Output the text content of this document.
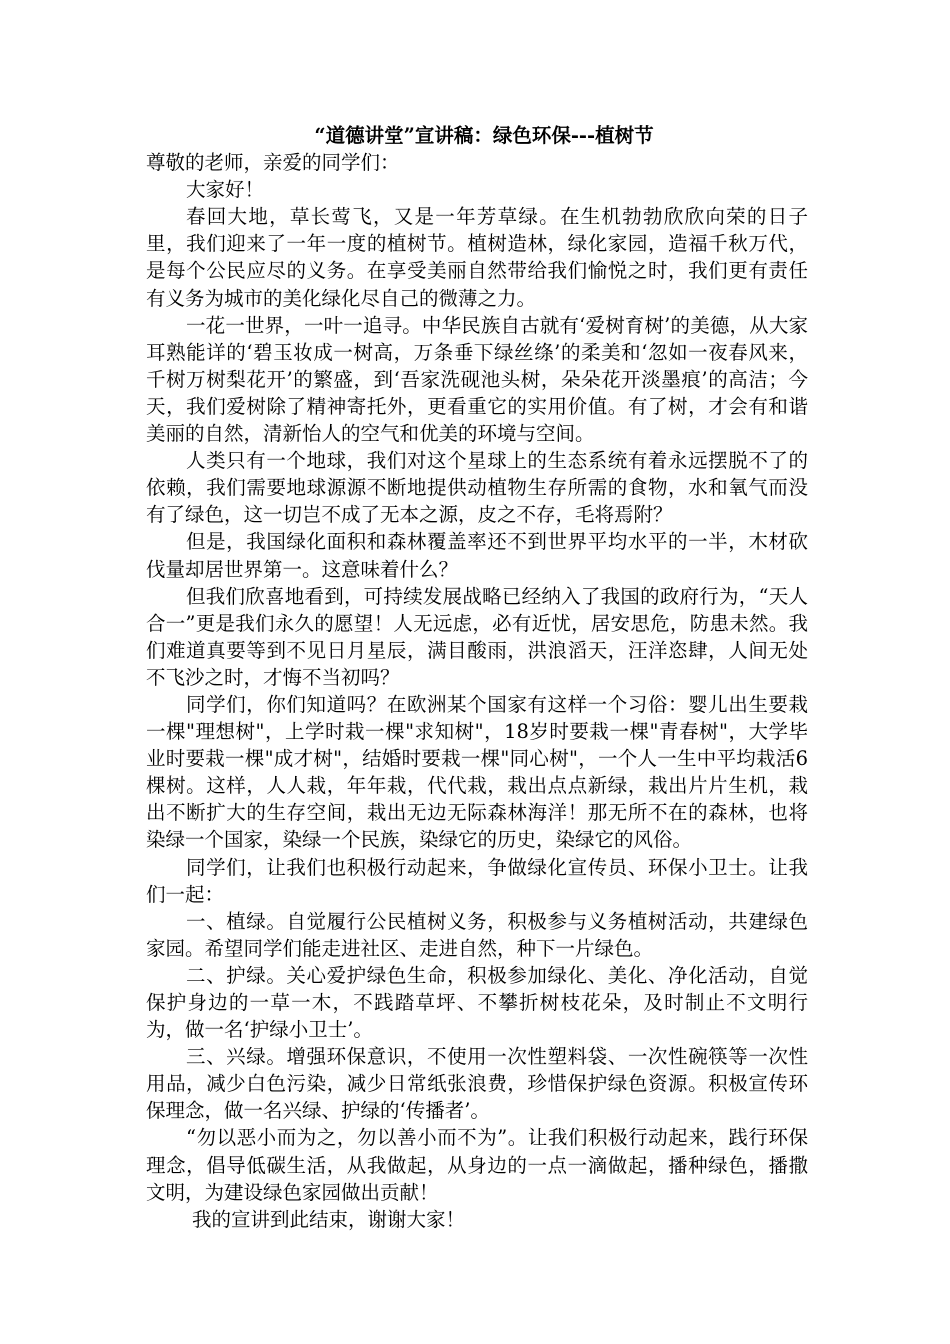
“道德讲堂”宣讲稿：绿色环保---植树节

尊敬的老师，亲爱的同学们：

大家好！

春回大地，草长莺飞，又是一年芳草绿。在生机勃勃欣欣向荣的日子里，我们迎来了一年一度的植树节。植树造林，绿化家园，造福千秋万代，是每个公民应尽的义务。在享受美丽自然带给我们愉悦之时，我们更有责任有义务为城市的美化绿化尽自己的微薄之力。

一花一世界，一叶一追寻。中华民族自古就有‘爱树育树’的美德，从大家耳熟能详的‘碧玉妆成一树高，万条垂下绿丝绦’的柔美和‘忽如一夜春风来，千树万树梨花开’的繁盛，到‘吾家洗砚池头树，朵朵花开淡墨痕’的高洁；今天，我们爱树除了精神寄托外，更看重它的实用价值。有了树，才会有和谐美丽的自然，清新怡人的空气和优美的环境与空间。

人类只有一个地球，我们对这个星球上的生态系统有着永远摆脱不了的依赖，我们需要地球源源不断地提供动植物生存所需的食物，水和氧气而没有了绿色，这一切岂不成了无本之源，皮之不存，毛将焉附？

但是，我国绿化面积和森林覆盖率还不到世界平均水平的一半，木材砍伐量却居世界第一。这意味着什么？

但我们欣喜地看到，可持续发展战略已经纳入了我国的政府行为，“天人合一”更是我们永久的愿望！人无远虑，必有近忧，居安思危，防患未然。我们难道真要等到不见日月星辰，满目酸雨，洪浪滔天，汪洋恣肆，人间无处不飞沙之时，才悔不当初吗？

同学们，你们知道吗？在欧洲某个国家有这样一个习俗：婴儿出生要栽一棵"理想树"，上学时栽一棵"求知树"，18岁时要栽一棵"青春树"，大学毕业时要栽一棵"成才树"，结婚时要栽一棵"同心树"，一个人一生中平均栽活6棵树。这样，人人栽，年年栽，代代栽，栽出点点新绿，栽出片片生机，栽出不断扩大的生存空间，栽出无边无际森林海洋！那无所不在的森林，也将染绿一个国家，染绿一个民族，染绿它的历史，染绿它的风俗。

同学们，让我们也积极行动起来，争做绿化宣传员、环保小卫士。让我们一起：

一、植绿。自觉履行公民植树义务，积极参与义务植树活动，共建绿色家园。希望同学们能走进社区、走进自然，种下一片绿色。

二、护绿。关心爱护绿色生命，积极参加绿化、美化、净化活动，自觉保护身边的一草一木，不践踏草坪、不攀折树枝花朵，及时制止不文明行为，做一名‘护绿小卫士’。

三、兴绿。增强环保意识，不使用一次性塑料袋、一次性碗筷等一次性用品，减少白色污染，减少日常纸张浪费，珍惜保护绿色资源。积极宣传环保理念，做一名兴绿、护绿的‘传播者’。

“勿以恶小而为之，勿以善小而不为”。让我们积极行动起来，践行环保理念，倡导低碳生活，从我做起，从身边的一点一滴做起，播种绿色，播撒文明，为建设绿色家园做出贡献！

我的宣讲到此结束，谢谢大家！
